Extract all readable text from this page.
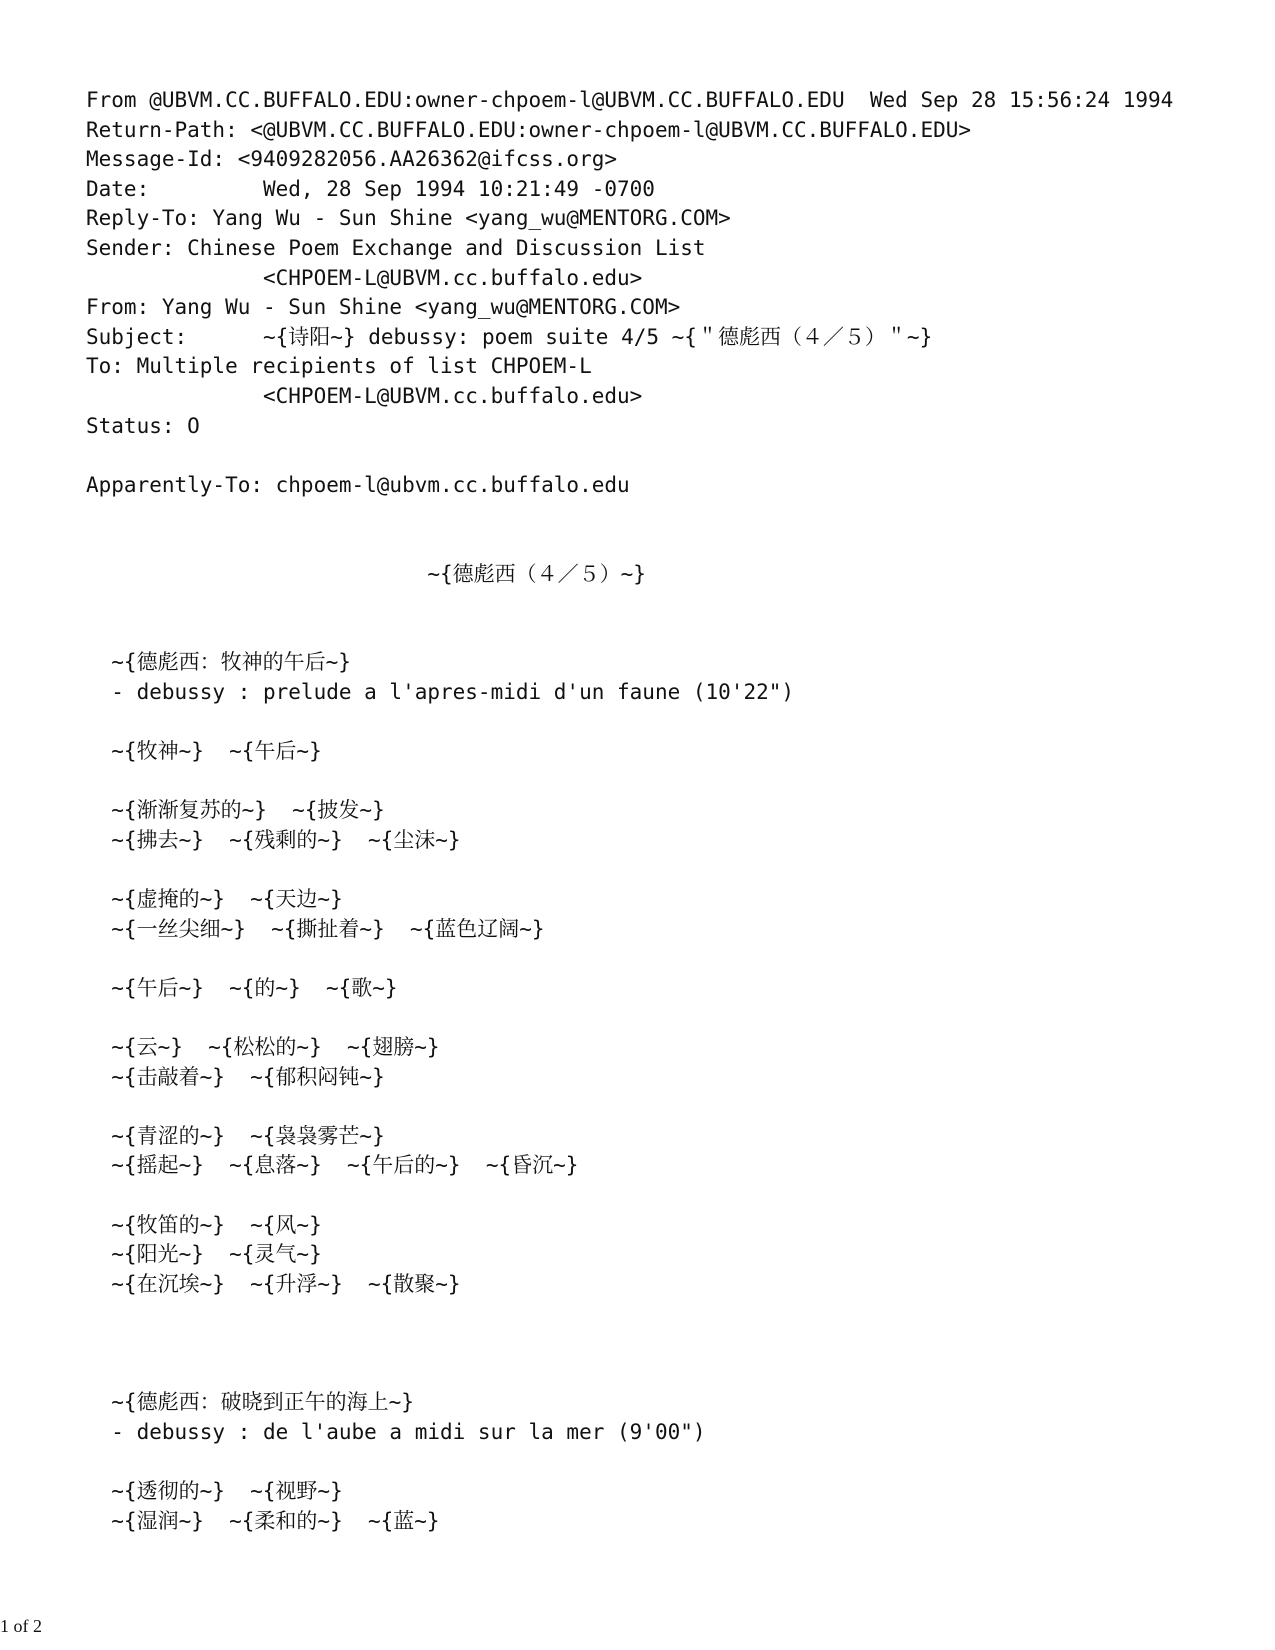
From @UBVM.CC.BUFFALO.EDU:owner-chpoem-l@UBVM.CC.BUFFALO.EDU  Wed Sep 28 15:56:24 1994
Return-Path: <@UBVM.CC.BUFFALO.EDU:owner-chpoem-l@UBVM.CC.BUFFALO.EDU>
Message-Id: <9409282056.AA26362@ifcss.org>
Date:         Wed, 28 Sep 1994 10:21:49 -0700
Reply-To: Yang Wu - Sun Shine <yang_wu@MENTORG.COM>
Sender: Chinese Poem Exchange and Discussion List
<CHPOEM-L@UBVM.cc.buffalo.edu>
From: Yang Wu - Sun Shine <yang_wu@MENTORG.COM>
Subject:      ~{诗阳~} debussy: poem suite 4/5 ~{＂德彪西（４／５）＂~}
To: Multiple recipients of list CHPOEM-L
<CHPOEM-L@UBVM.cc.buffalo.edu>
Status: O
Apparently-To: chpoem-l@ubvm.cc.buffalo.edu
~{德彪西（４／５）~}
~{德彪西：牧神的午后~}
- debussy : prelude a l'apres-midi d'un faune (10'22")
~{牧神~}  ~{午后~}
~{渐渐复苏的~}  ~{披发~}
~{拂去~}  ~{残剩的~}  ~{尘沫~}
~{虚掩的~}  ~{天边~}
~{一丝尖细~}  ~{撕扯着~}  ~{蓝色辽阔~}
~{午后~}  ~{的~}  ~{歌~}
~{云~}  ~{松松的~}  ~{翅膀~}
~{击敲着~}  ~{郁积闷钝~}
~{青涩的~}  ~{袅袅雾芒~}
~{摇起~}  ~{息落~}  ~{午后的~}  ~{昏沉~}
~{牧笛的~}  ~{风~}
~{阳光~}  ~{灵气~}
~{在沉埃~}  ~{升浮~}  ~{散聚~}
~{德彪西：破晓到正午的海上~}
- debussy : de l'aube a midi sur la mer (9'00")
~{透彻的~}  ~{视野~}
~{湿润~}  ~{柔和的~}  ~{蓝~}
1 of 2
